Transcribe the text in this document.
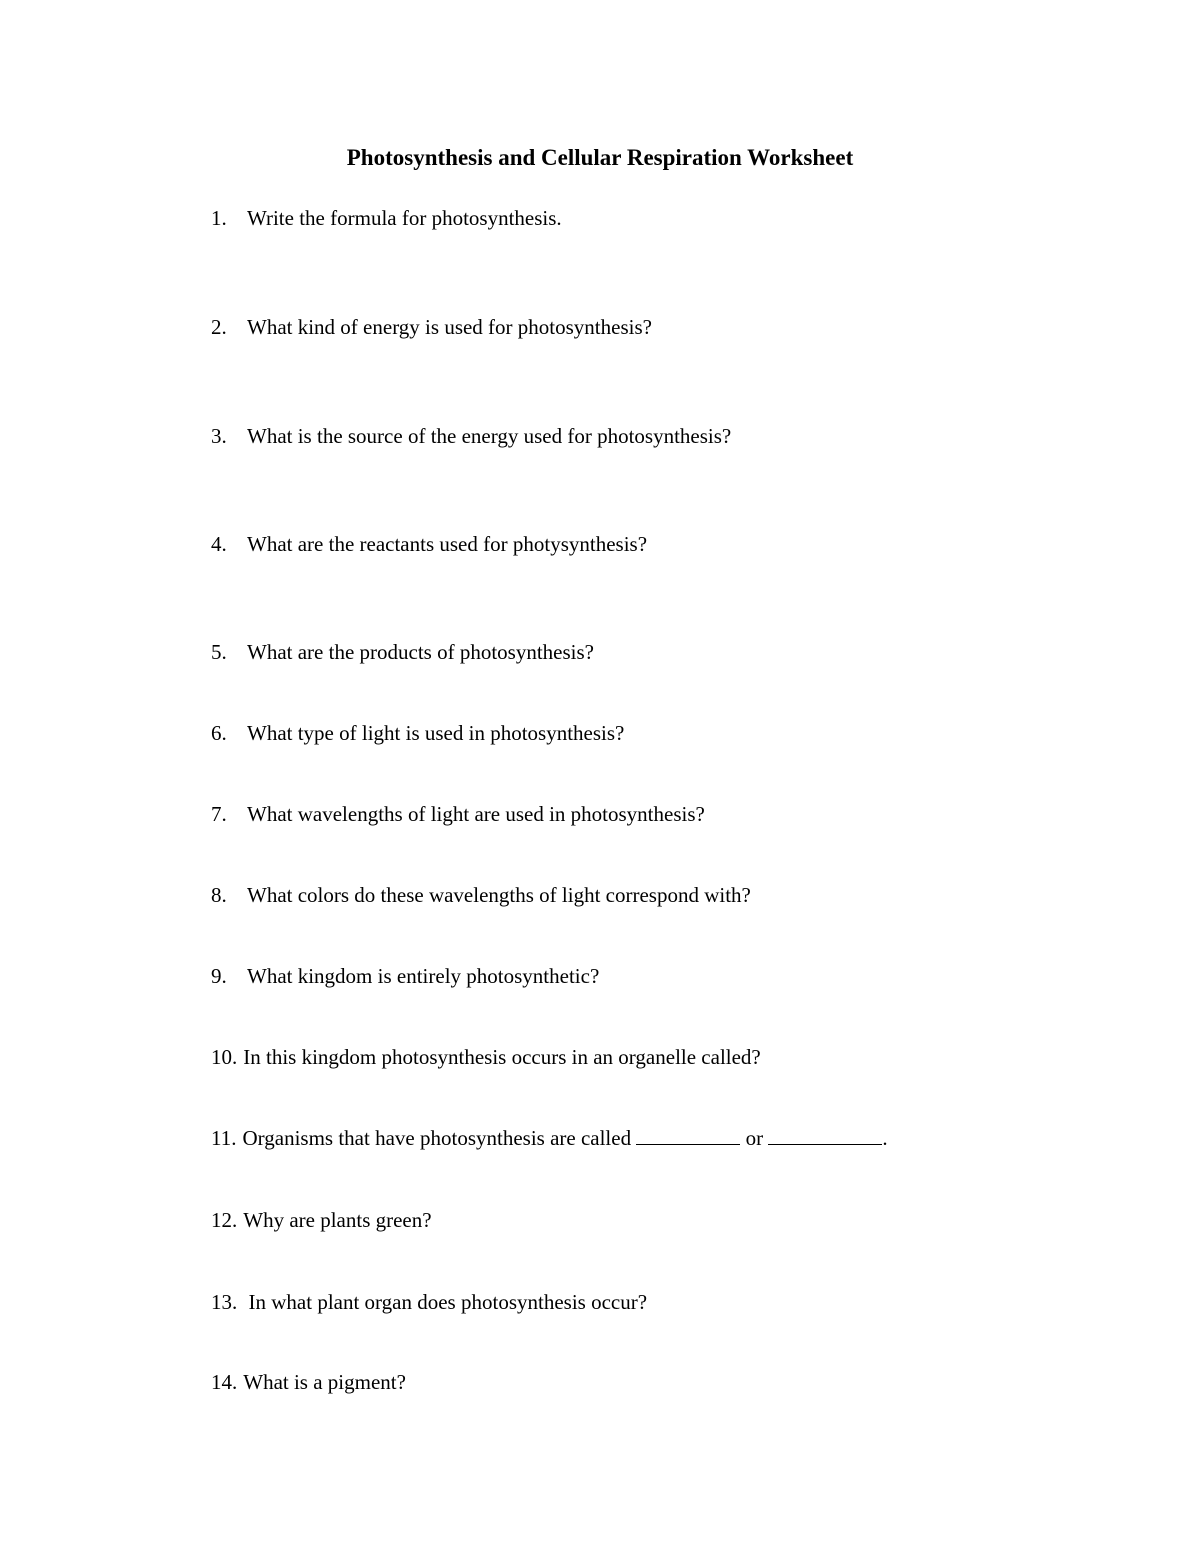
Photosynthesis and Cellular Respiration Worksheet
1. Write the formula for photosynthesis.
2. What kind of energy is used for photosynthesis?
3. What is the source of the energy used for photosynthesis?
4. What are the reactants used for photysynthesis?
5. What are the products of photosynthesis?
6. What type of light is used in photosynthesis?
7. What wavelengths of light are used in photosynthesis?
8. What colors do these wavelengths of light correspond with?
9. What kingdom is entirely photosynthetic?
10. In this kingdom photosynthesis occurs in an organelle called?
11. Organisms that have photosynthesis are called	or	.
12. Why are plants green?
13. In what plant organ does photosynthesis occur?
14. What is a pigment?
